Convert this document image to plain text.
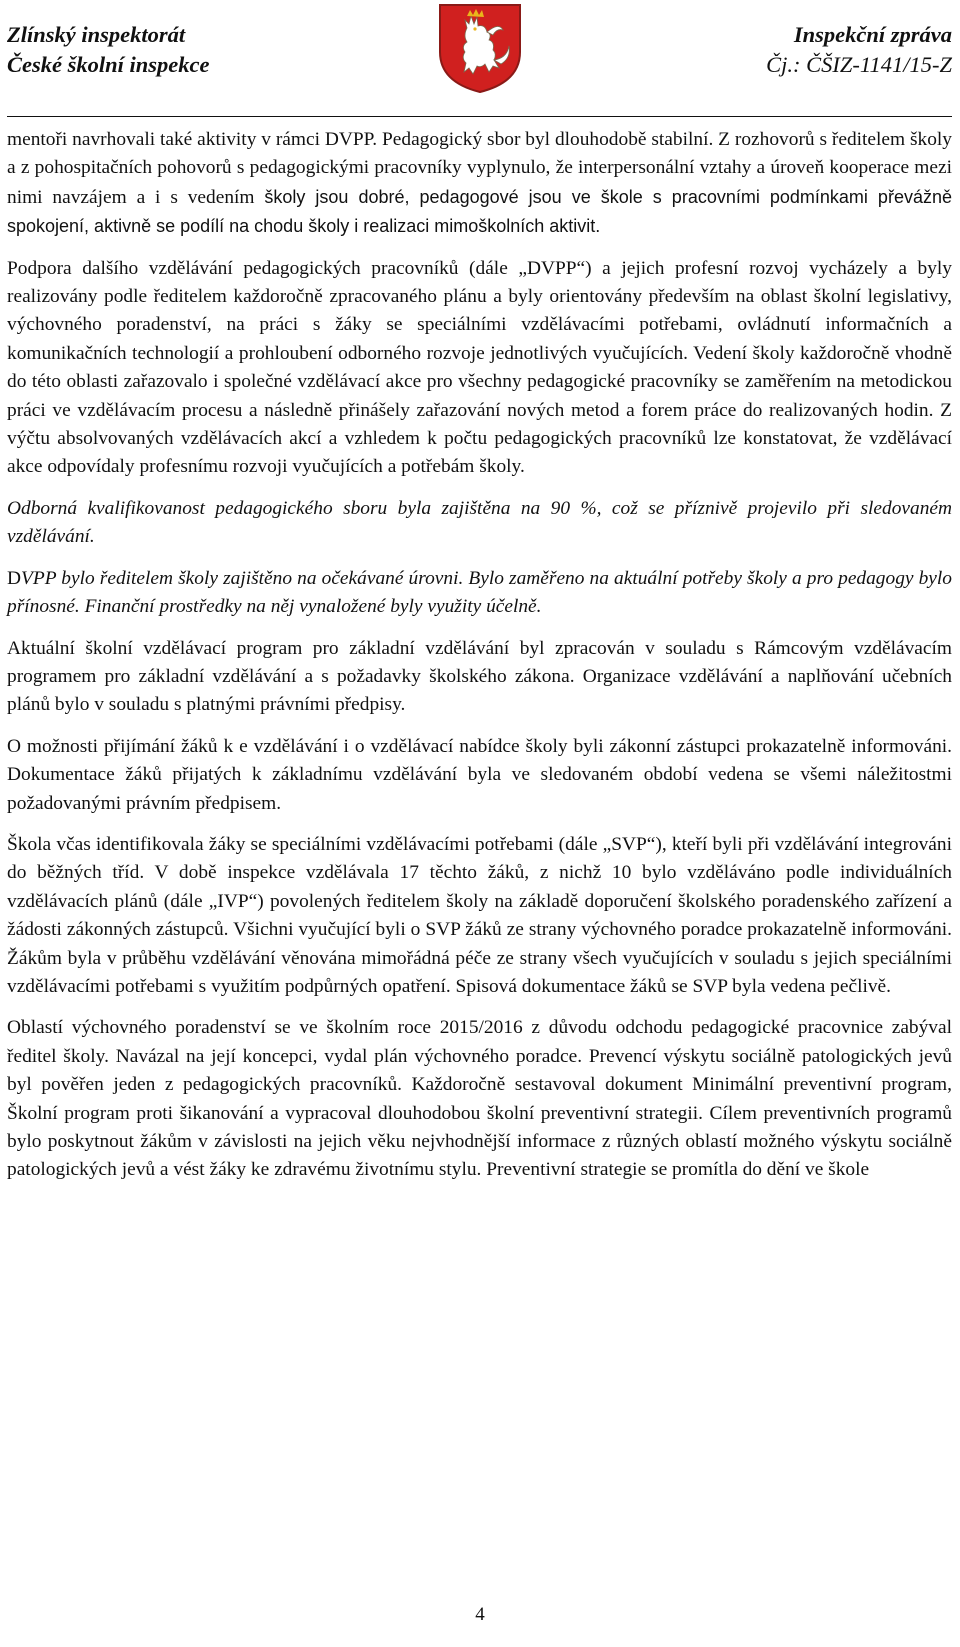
Zlínský inspektorát
České školní inspekce
Inspekční zpráva
Čj.: ČŠIZ-1141/15-Z

mentoři navrhovali také aktivity v rámci DVPP. Pedagogický sbor byl dlouhodobě stabilní. Z rozhovorů s ředitelem školy a z pohospitačních pohovorů s pedagogickými pracovníky vyplynulo, že interpersonální vztahy a úroveň kooperace mezi nimi navzájem a i s vedením školy jsou dobré, pedagogové jsou ve škole s pracovními podmínkami převážně spokojení, aktivně se podílí na chodu školy i realizaci mimoškolních aktivit.

Podpora dalšího vzdělávání pedagogických pracovníků (dále „DVPP“) a jejich profesní rozvoj vycházely a byly realizovány podle ředitelem každoročně zpracovaného plánu a byly orientovány především na oblast školní legislativy, výchovného poradenství, na práci s žáky se speciálními vzdělávacími potřebami, ovládnutí informačních a komunikačních technologií a prohloubení odborného rozvoje jednotlivých vyučujících. Vedení školy každoročně vhodně do této oblasti zařazovalo i společné vzdělávací akce pro všechny pedagogické pracovníky se zaměřením na metodickou práci ve vzdělávacím procesu a následně přinášely zařazování nových metod a forem práce do realizovaných hodin. Z výčtu absolvovaných vzdělávacích akcí a vzhledem k počtu pedagogických pracovníků lze konstatovat, že vzdělávací akce odpovídaly profesnímu rozvoji vyučujících a potřebám školy.

Odborná kvalifikovanost pedagogického sboru byla zajištěna na 90 %, což se příznivě projevilo při sledovaném vzdělávání.

DVPP bylo ředitelem školy zajištěno na očekávané úrovni. Bylo zaměřeno na aktuální potřeby školy a pro pedagogy bylo přínosné. Finanční prostředky na něj vynaložené byly využity účelně.

Aktuální školní vzdělávací program pro základní vzdělávání byl zpracován v souladu s Rámcovým vzdělávacím programem pro základní vzdělávání a s požadavky školského zákona. Organizace vzdělávání a naplňování učebních plánů bylo v souladu s platnými právními předpisy.

O možnosti přijímání žáků k e vzdělávání i o vzdělávací nabídce školy byli zákonní zástupci prokazatelně informováni. Dokumentace žáků přijatých k základnímu vzdělávání byla ve sledovaném období vedena se všemi náležitostmi požadovanými právním předpisem.

Škola včas identifikovala žáky se speciálními vzdělávacími potřebami (dále „SVP“), kteří byli při vzdělávání integrováni do běžných tříd. V době inspekce vzdělávala 17 těchto žáků, z nichž 10 bylo vzděláváno podle individuálních vzdělávacích plánů (dále „IVP“) povolených ředitelem školy na základě doporučení školského poradenského zařízení a žádosti zákonných zástupců. Všichni vyučující byli o SVP žáků ze strany výchovného poradce prokazatelně informováni. Žákům byla v průběhu vzdělávání věnována mimořádná péče ze strany všech vyučujících v souladu s jejich speciálními vzdělávacími potřebami s využitím podpůrných opatření. Spisová dokumentace žáků se SVP byla vedena pečlivě.

Oblastí výchovného poradenství se ve školním roce 2015/2016 z důvodu odchodu pedagogické pracovnice zabýval ředitel školy. Navázal na její koncepci, vydal plán výchovného poradce. Prevencí výskytu sociálně patologických jevů byl pověřen jeden z pedagogických pracovníků. Každoročně sestavoval dokument Minimální preventivní program, Školní program proti šikanování a vypracoval dlouhodobou školní preventivní strategii. Cílem preventivních programů bylo poskytnout žákům v závislosti na jejich věku nejvhodnější informace z různých oblastí možného výskytu sociálně patologických jevů a vést žáky ke zdravému životnímu stylu. Preventivní strategie se promítla do dění ve škole

4
